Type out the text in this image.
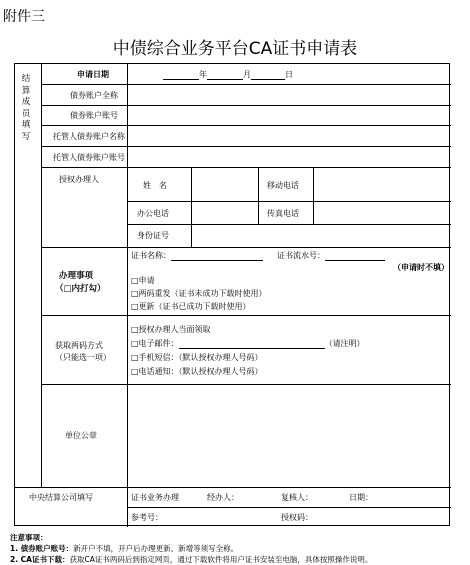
附件三
中债综合业务平台CA证书申请表
结算成员填写
申请日期	年	月	日
债券账户全称
债券账户账号
托管人债券账户名称
托管人债券账户账号
授权办理人
姓　名	移动电话
办公电话	传真电话
身份证号
办理事项
（□内打勾）
证书名称：	证书流水号：
（申请时不填）
□申请
□两码重发（证书未成功下载时使用）
□更新（证书已成功下载时使用）
获取两码方式
（只能选一项）
□授权办理人当面领取
□电子邮件：	（请注明）
□手机短信：（默认授权办理人号码）
□电话通知：（默认授权办理人号码）
单位公章
中央结算公司填写	证书业务办理	经办人：	复核人：	日期：
参考号：	授权码：
注意事项：
1. 债券账户账号：新开户不填，开户后办理更新、新增等须写全称。
2. CA证书下载：获取CA证书两码后到指定网页，通过下载软件将用户证书安装至电脑，具体按照操作说明。
